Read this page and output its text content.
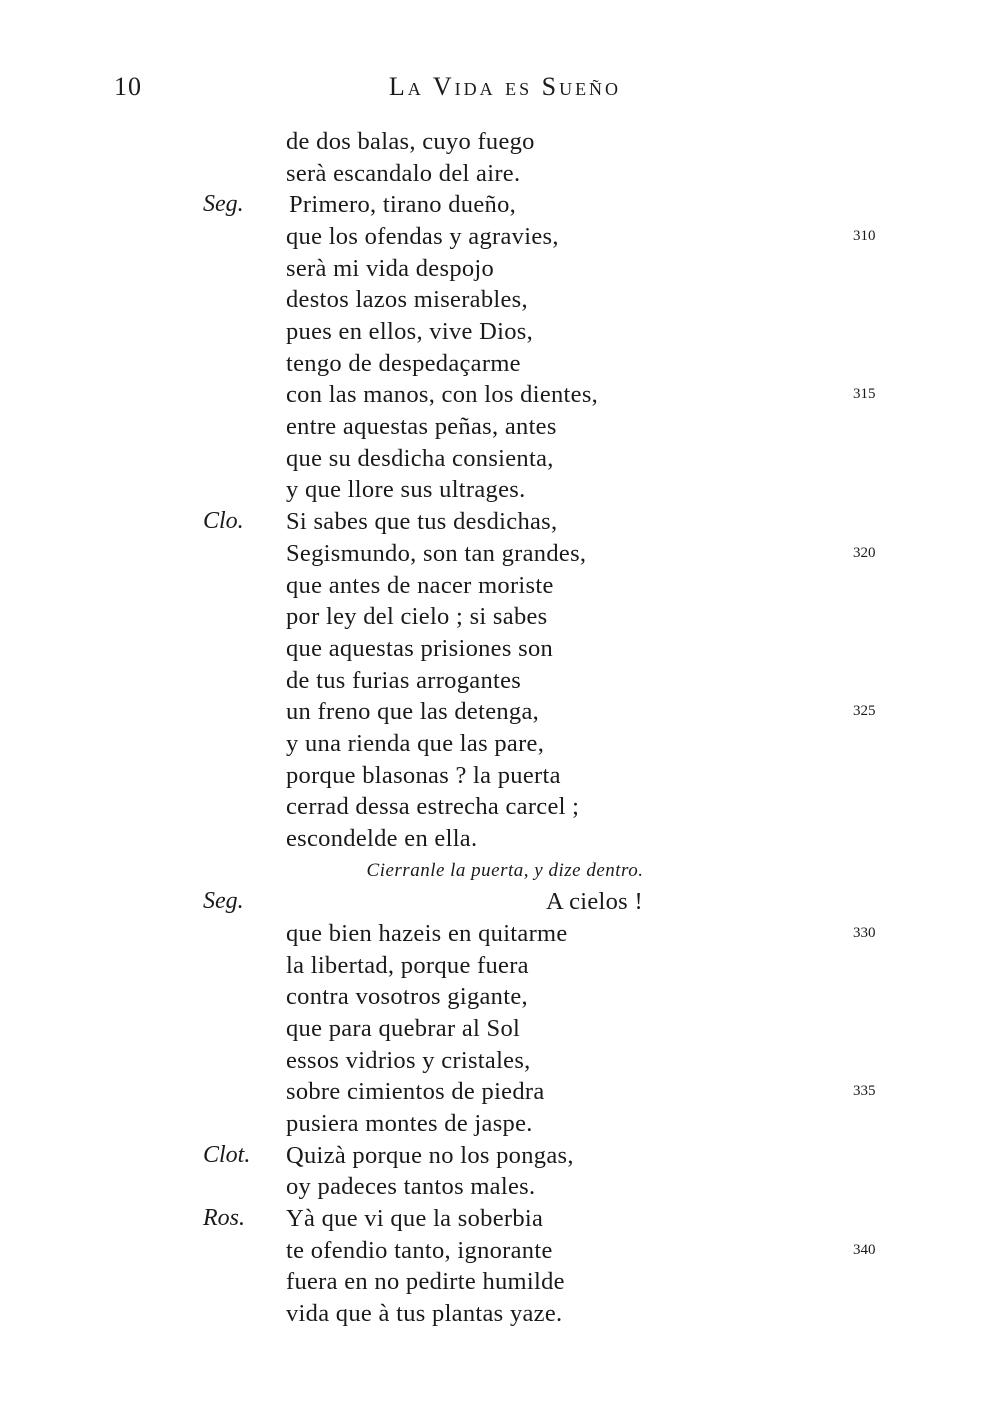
10	La Vida es Sueño
de dos balas, cuyo fuego
serà escandalo del aire.
Seg. Primero, tirano dueño,
que los ofendas y agravies,	310
serà mi vida despojo
destos lazos miserables,
pues en ellos, vive Dios,
tengo de despedaçarme
con las manos, con los dientes,	315
entre aquestas peñas, antes
que su desdicha consienta,
y que llore sus ultrages.
Clo. Si sabes que tus desdichas,
Segismundo, son tan grandes,	320
que antes de nacer moriste
por ley del cielo ; si sabes
que aquestas prisiones son
de tus furias arrogantes
un freno que las detenga,	325
y una rienda que las pare,
porque blasonas ? la puerta
cerrad dessa estrecha carcel ;
escondelde en ella.
Cierranle la puerta, y dize dentro.
Seg.	A cielos !
que bien hazeis en quitarme	330
la libertad, porque fuera
contra vosotros gigante,
que para quebrar al Sol
essos vidrios y cristales,
sobre cimientos de piedra	335
pusiera montes de jaspe.
Clot. Quizà porque no los pongas,
oy padeces tantos males.
Ros. Yà que vi que la soberbia
te ofendio tanto, ignorante	340
fuera en no pedirte humilde
vida que à tus plantas yaze.
